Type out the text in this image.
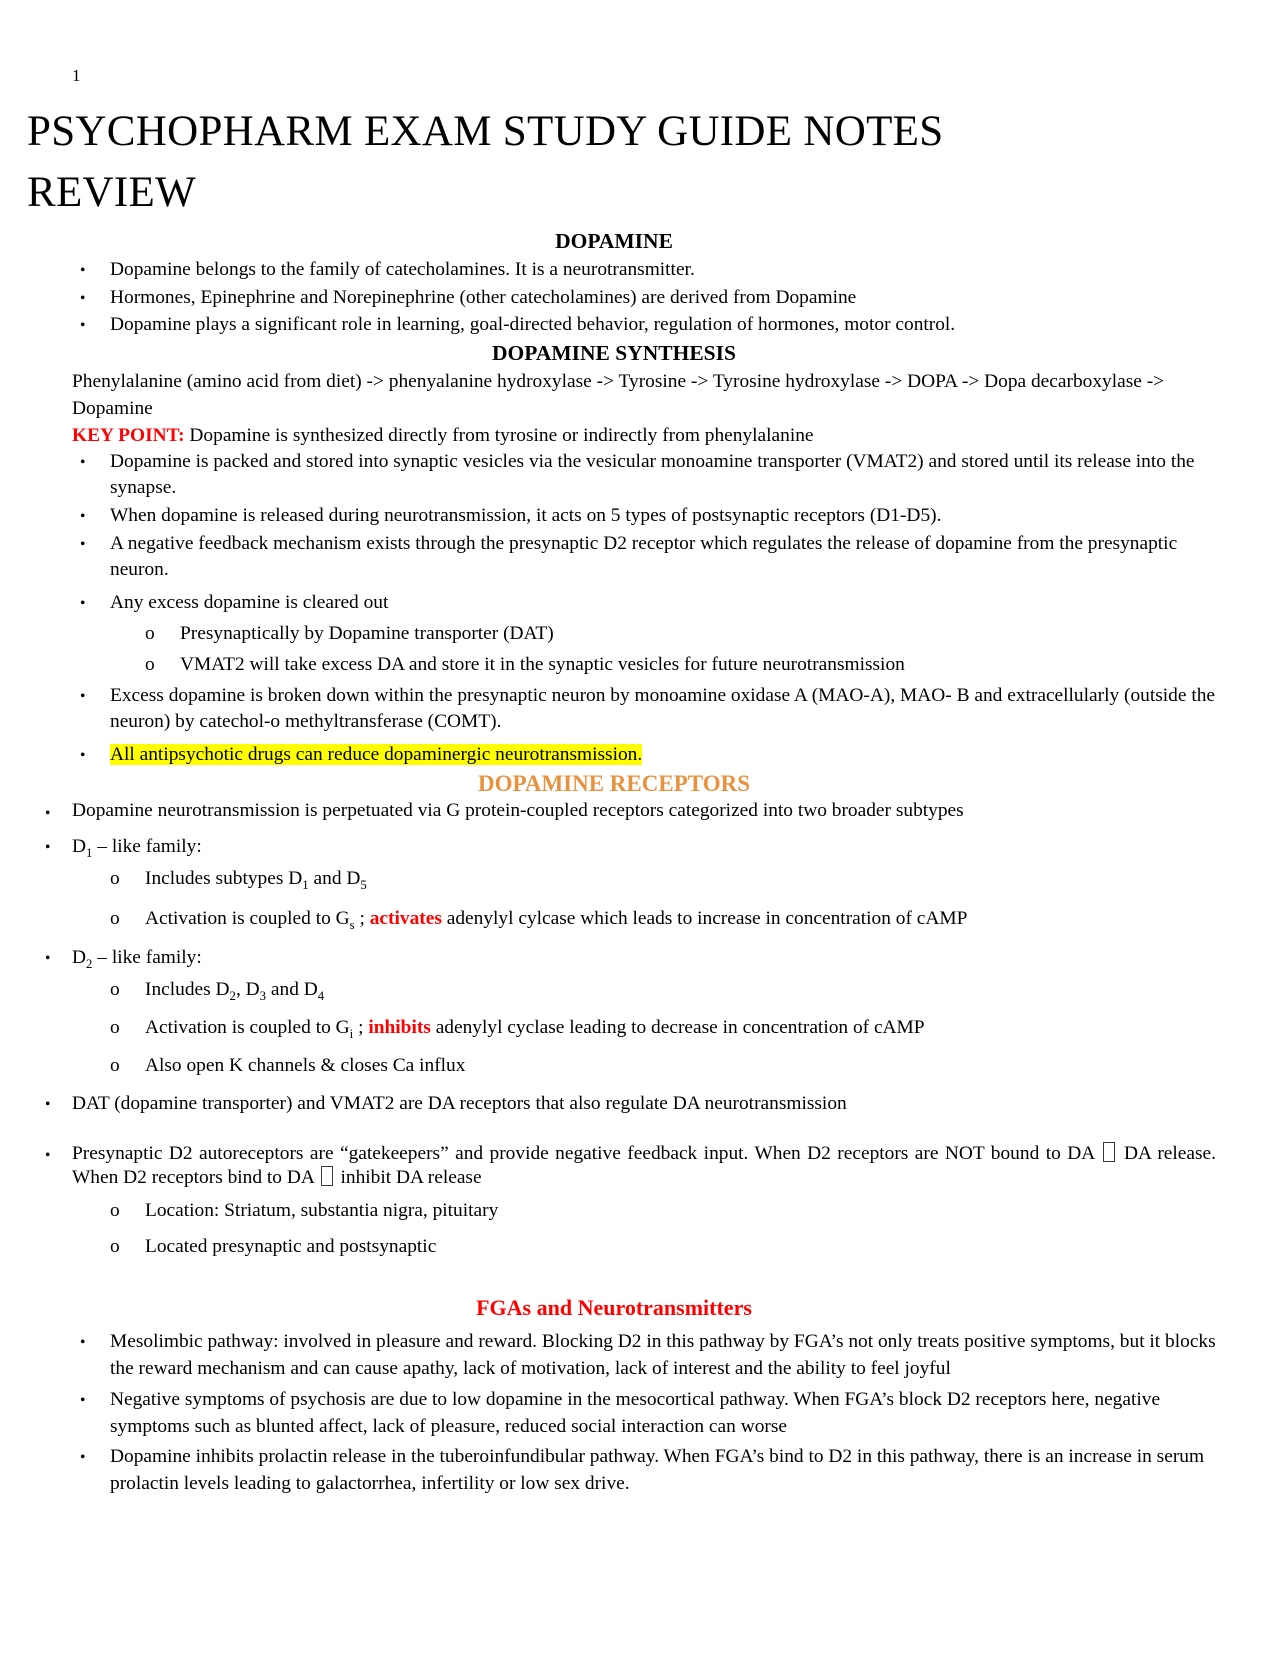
1
PSYCHOPHARM EXAM STUDY GUIDE NOTES REVIEW
DOPAMINE
•
Dopamine belongs to the family of catecholamines. It is a neurotransmitter.
•
Hormones, Epinephrine and Norepinephrine (other catecholamines) are derived from Dopamine
•
Dopamine plays a significant role in learning, goal-directed behavior, regulation of hormones, motor control.
DOPAMINE SYNTHESIS

Phenylalanine (amino acid from diet) -> phenyalanine hydroxylase -> Tyrosine -> Tyrosine hydroxylase -> DOPA -> Dopa decarboxylase -> Dopamine

KEY POINT: Dopamine is synthesized directly from tyrosine or indirectly from phenylalanine

•
Dopamine is packed and stored into synaptic vesicles via the vesicular monoamine transporter (VMAT2) and stored until its release into the synapse.
•
When dopamine is released during neurotransmission, it acts on 5 types of postsynaptic receptors (D1-D5).
•
A negative feedback mechanism exists through the presynaptic D2 receptor which regulates the release of dopamine from the presynaptic neuron.
•
Any excess dopamine is cleared out
o
Presynaptically by Dopamine transporter (DAT)
o
VMAT2 will take excess DA and store it in the synaptic vesicles for future neurotransmission
•
Excess dopamine is broken down within the presynaptic neuron by monoamine oxidase A (MAO-A), MAO- B and extracellularly (outside the neuron) by catechol-o methyltransferase (COMT).
•
All antipsychotic drugs can reduce dopaminergic neurotransmission.
DOPAMINE RECEPTORS
•
Dopamine neurotransmission is perpetuated via G protein-coupled receptors categorized into two broader subtypes
•
$D_1$ – like family:
o
Includes subtypes $D_1$ and $D_5$
o
Activation is coupled to $G_s$ ; activates adenylyl cylcase which leads to increase in concentration of cAMP
•
$D_2$ – like family:
o
Includes $D_2$, $D_3$ and $D_4$
o
Activation is coupled to $G_i$ ; inhibits adenylyl cyclase leading to decrease in concentration of cAMP
o
Also open K channels & closes Ca influx
•
DAT (dopamine transporter) and VMAT2 are DA receptors that also regulate DA neurotransmission
•
Presynaptic D2 autoreceptors are “gatekeepers” and provide negative feedback input. When D2 receptors are NOT bound to DA  DA release. When D2 receptors bind to DA  inhibit DA release
o
Location: Striatum, substantia nigra, pituitary
o
Located presynaptic and postsynaptic
FGAs and Neurotransmitters
•
Mesolimbic pathway: involved in pleasure and reward. Blocking D2 in this pathway by FGA’s not only treats positive symptoms, but it blocks the reward mechanism and can cause apathy, lack of motivation, lack of interest and the ability to feel joyful
•
Negative symptoms of psychosis are due to low dopamine in the mesocortical pathway. When FGA’s block D2 receptors here, negative symptoms such as blunted affect, lack of pleasure, reduced social interaction can worse
•
Dopamine inhibits prolactin release in the tuberoinfundibular pathway. When FGA’s bind to D2 in this pathway, there is an increase in serum prolactin levels leading to galactorrhea, infertility or low sex drive.
